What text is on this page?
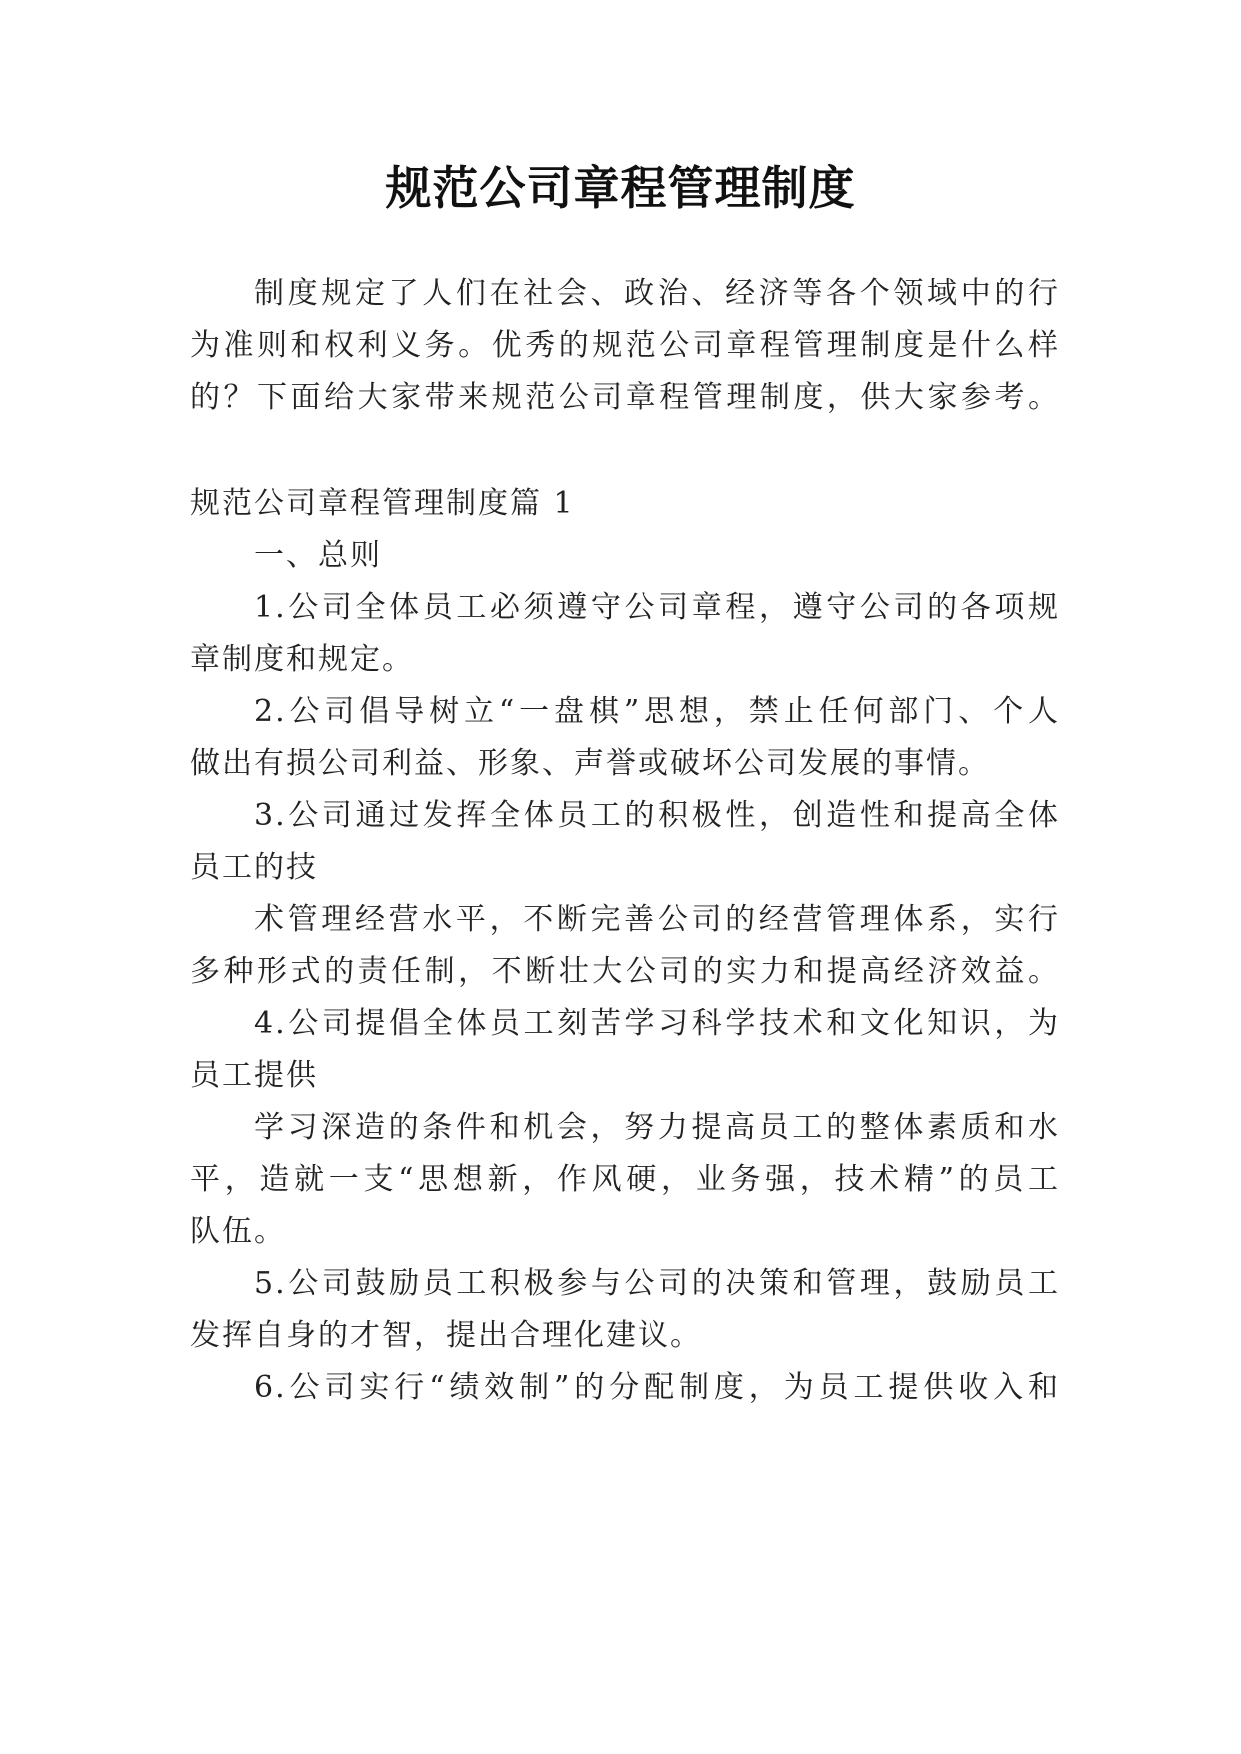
规范公司章程管理制度

制度规定了人们在社会、政治、经济等各个领域中的行

为准则和权利义务。优秀的规范公司章程管理制度是什么样

的？下面给大家带来规范公司章程管理制度，供大家参考。

规范公司章程管理制度篇 1

一、总则

1.公司全体员工必须遵守公司章程，遵守公司的各项规

章制度和规定。

2.公司倡导树立“一盘棋”思想，禁止任何部门、个人

做出有损公司利益、形象、声誉或破坏公司发展的事情。

3.公司通过发挥全体员工的积极性，创造性和提高全体

员工的技

术管理经营水平，不断完善公司的经营管理体系，实行

多种形式的责任制，不断壮大公司的实力和提高经济效益。

4.公司提倡全体员工刻苦学习科学技术和文化知识，为

员工提供

学习深造的条件和机会，努力提高员工的整体素质和水

平，造就一支“思想新，作风硬，业务强，技术精”的员工

队伍。

5.公司鼓励员工积极参与公司的决策和管理，鼓励员工

发挥自身的才智，提出合理化建议。

6.公司实行“绩效制”的分配制度，为员工提供收入和
